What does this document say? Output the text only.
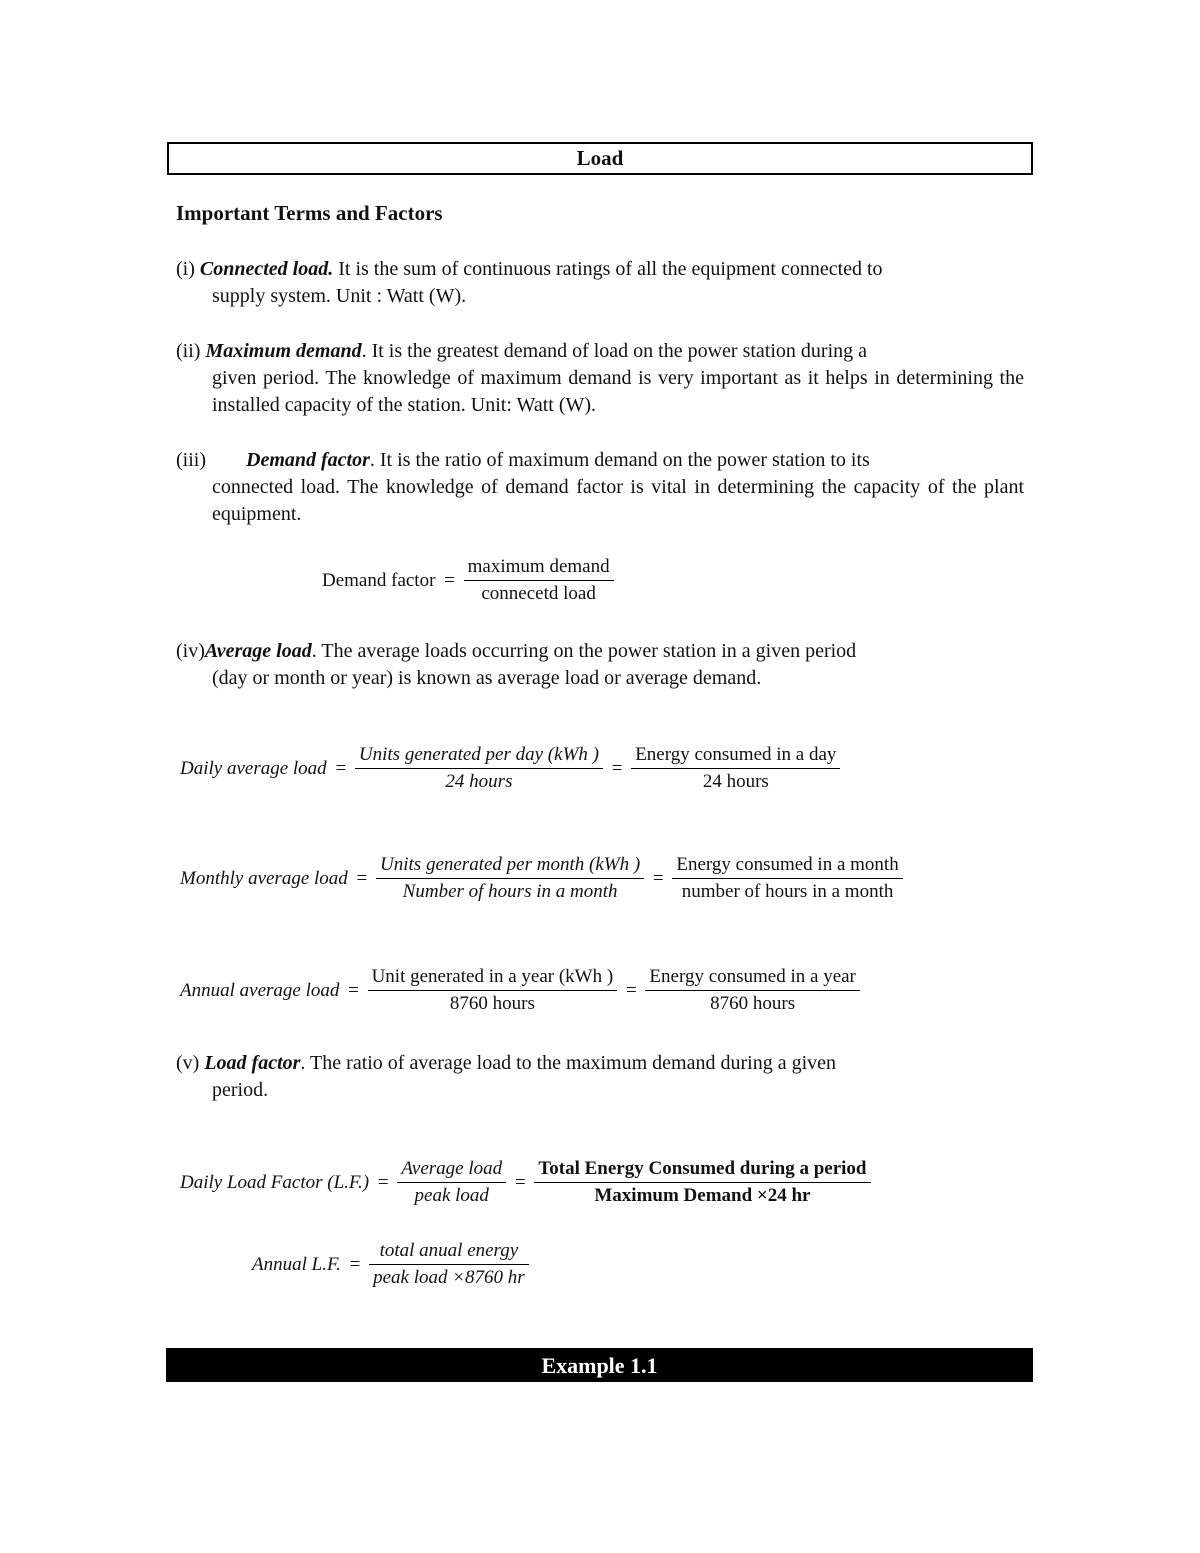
Load
Important Terms and Factors
(i) Connected load. It is the sum of continuous ratings of all the equipment connected to
supply system. Unit : Watt (W).
(ii) Maximum demand. It is the greatest demand of load on the power station during a
given period. The knowledge of maximum demand is very important as it helps in determining the installed capacity of the station. Unit: Watt (W).
(iii) Demand factor. It is the ratio of maximum demand on the power station to its
connected load. The knowledge of demand factor is vital in determining the capacity of the plant equipment.
Demand factor = $\frac{\text{maximum demand}}{\text{connecetd load}}$
(iv)Average load. The average loads occurring on the power station in a given period
(day or month or year) is known as average load or average demand.
Daily average load = $\frac{\text{Units generated per day (kWh )}}{\text{24 hours}} = \frac{\text{Energy consumed in a day}}{\text{24 hours}}$
Monthly average load = $\frac{\text{Units generated per month (kWh )}}{\text{Number of hours in a month}} = \frac{\text{Energy consumed in a month}}{\text{number of hours in a month}}$
Annual average load = $\frac{\text{Unit generated in a year (kWh )}}{\text{8760 hours}} = \frac{\text{Energy consumed in a year}}{\text{8760 hours}}$
(v) Load factor. The ratio of average load to the maximum demand during a given
period.
Daily Load Factor $(L.F.) = \frac{\text{Average load}}{\text{peak load}} = \frac{\text{Total Energy Consumed during a period}}{\text{Maximum Demand ×24 hr}}$
Annual L.F. = $\frac{\text{total anual energy}}{\text{peak load ×8760 hr}}$
Example 1.1
